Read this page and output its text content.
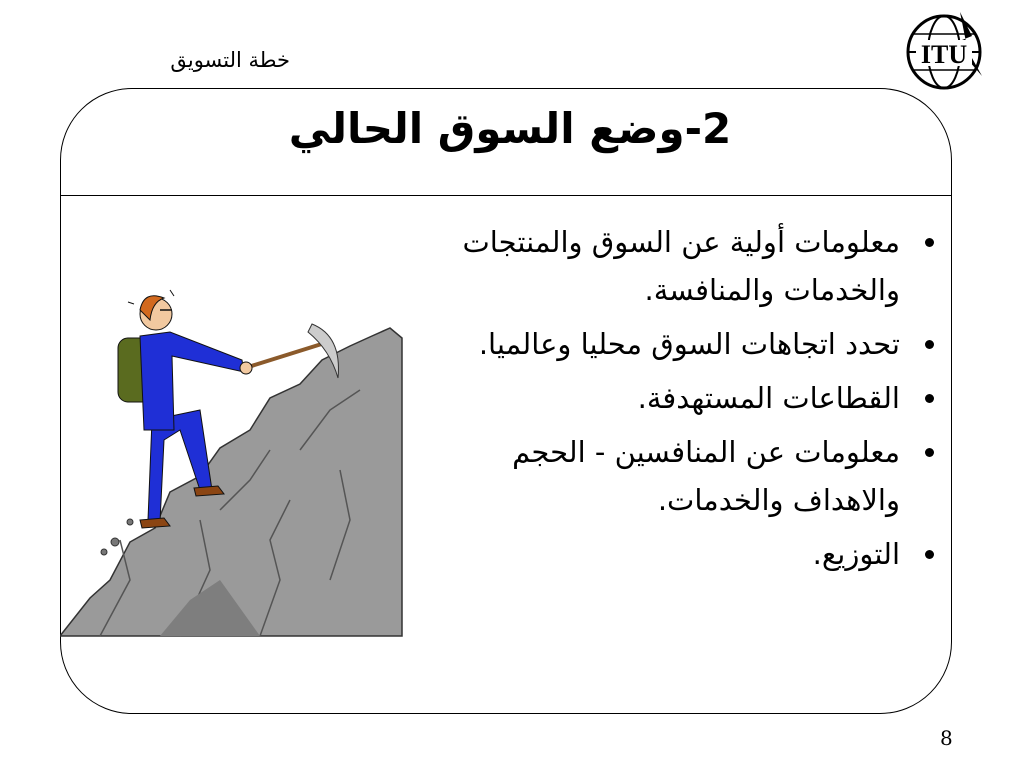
خطة التسويق	ITU
2-وضع السوق الحالي
معلومات أولية عن السوق والمنتجات والخدمات والمنافسة.
تحدد اتجاهات السوق محليا وعالميا.
القطاعات المستهدفة.
معلومات عن المنافسين - الحجم والاهداف والخدمات.
التوزيع.
8
